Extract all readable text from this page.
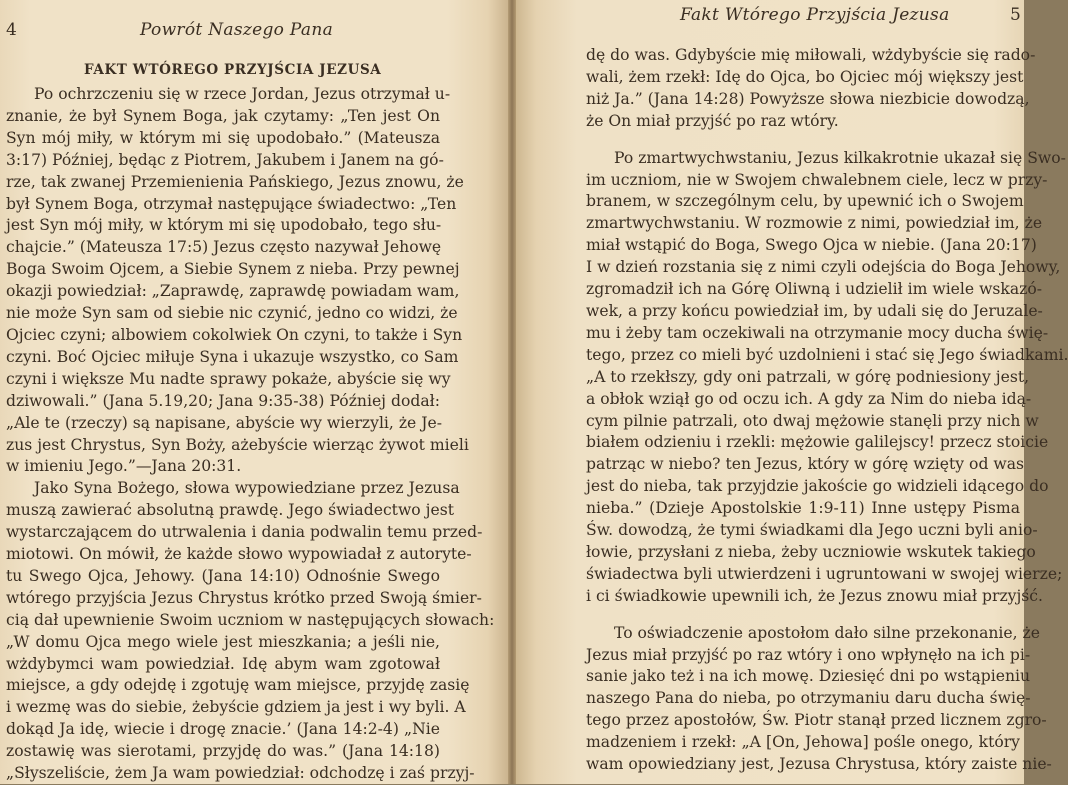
4	Powrót Naszego Pana
FAKT WTÓREGO PRZYJŚCIA JEZUSA
Po ochrzczeniu się w rzece Jordan, Jezus otrzymał u-
znanie, że był Synem Boga, jak czytamy: „Ten jest On
Syn mój miły, w którym mi się upodobało.” (Mateusza
3:17) Później, będąc z Piotrem, Jakubem i Janem na gó-
rze, tak zwanej Przemienienia Pańskiego, Jezus znowu, że
był Synem Boga, otrzymał następujące świadectwo: „Ten
jest Syn mój miły, w którym mi się upodobało, tego słu-
chajcie.” (Mateusza 17:5) Jezus często nazywał Jehowę
Boga Swoim Ojcem, a Siebie Synem z nieba. Przy pewnej
okazji powiedział: „Zaprawdę, zaprawdę powiadam wam,
nie może Syn sam od siebie nic czynić, jedno co widzi, że
Ojciec czyni; albowiem cokolwiek On czyni, to także i Syn
czyni. Boć Ojciec miłuje Syna i ukazuje wszystko, co Sam
czyni i większe Mu nadte sprawy pokaże, abyście się wy
dziwowali.” (Jana 5.19,20; Jana 9:35-38) Później dodał:
„Ale te (rzeczy) są napisane, abyście wy wierzyli, że Je-
zus jest Chrystus, Syn Boży, ażebyście wierząc żywot mieli
w imieniu Jego.”—Jana 20:31.
Jako Syna Bożego, słowa wypowiedziane przez Jezusa
muszą zawierać absolutną prawdę. Jego świadectwo jest
wystarczającem do utrwalenia i dania podwalin temu przed-
miotowi. On mówił, że każde słowo wypowiadał z autoryte-
tu Swego Ojca, Jehowy. (Jana 14:10) Odnośnie Swego
wtórego przyjścia Jezus Chrystus krótko przed Swoją śmier-
cią dał upewnienie Swoim uczniom w następujących słowach:
„W domu Ojca mego wiele jest mieszkania; a jeśli nie,
wżdybymci wam powiedział. Idę abym wam zgotował
miejsce, a gdy odejdę i zgotuję wam miejsce, przyjdę zasię
i wezmę was do siebie, żebyście gdziem ja jest i wy byli. A
dokąd Ja idę, wiecie i drogę znacie.’ (Jana 14:2-4) „Nie
zostawię was sierotami, przyjdę do was.” (Jana 14:18)
„Słyszeliście, żem Ja wam powiedział: odchodzę i zaś przyj-
Fakt Wtórego Przyjścia Jezusa	5
dę do was. Gdybyście mię miłowali, wżdybyście się rado-
wali, żem rzekł: Idę do Ojca, bo Ojciec mój większy jest
niż Ja.” (Jana 14:28) Powyższe słowa niezbicie dowodzą,
że On miał przyjść po raz wtóry.
Po zmartwychwstaniu, Jezus kilkakrotnie ukazał się Swo-
im uczniom, nie w Swojem chwalebnem ciele, lecz w przy-
branem, w szczególnym celu, by upewnić ich o Swojem
zmartwychwstaniu. W rozmowie z nimi, powiedział im, że
miał wstąpić do Boga, Swego Ojca w niebie. (Jana 20:17)
I w dzień rozstania się z nimi czyli odejścia do Boga Jehowy,
zgromadził ich na Górę Oliwną i udzielił im wiele wskazó-
wek, a przy końcu powiedział im, by udali się do Jeruzale-
mu i żeby tam oczekiwali na otrzymanie mocy ducha świę-
tego, przez co mieli być uzdolnieni i stać się Jego świadkami.
„A to rzekłszy, gdy oni patrzali, w górę podniesiony jest,
a obłok wziął go od oczu ich. A gdy za Nim do nieba idą-
cym pilnie patrzali, oto dwaj mężowie stanęli przy nich w
białem odzieniu i rzekli: mężowie galilejscy! przecz stoicie
patrząc w niebo? ten Jezus, który w górę wzięty od was
jest do nieba, tak przyjdzie jakoście go widzieli idącego do
nieba.” (Dzieje Apostolskie 1:9-11) Inne ustępy Pisma
Św. dowodzą, że tymi świadkami dla Jego uczni byli anio-
łowie, przysłani z nieba, żeby uczniowie wskutek takiego
świadectwa byli utwierdzeni i ugruntowani w swojej wierze;
i ci świadkowie upewnili ich, że Jezus znowu miał przyjść.
To oświadczenie apostołom dało silne przekonanie, że
Jezus miał przyjść po raz wtóry i ono wpłynęło na ich pi-
sanie jako też i na ich mowę. Dziesięć dni po wstąpieniu
naszego Pana do nieba, po otrzymaniu daru ducha świę-
tego przez apostołów, Św. Piotr stanął przed licznem zgro-
madzeniem i rzekł: „A [On, Jehowa] pośle onego, który
wam opowiedziany jest, Jezusa Chrystusa, który zaiste nie-
